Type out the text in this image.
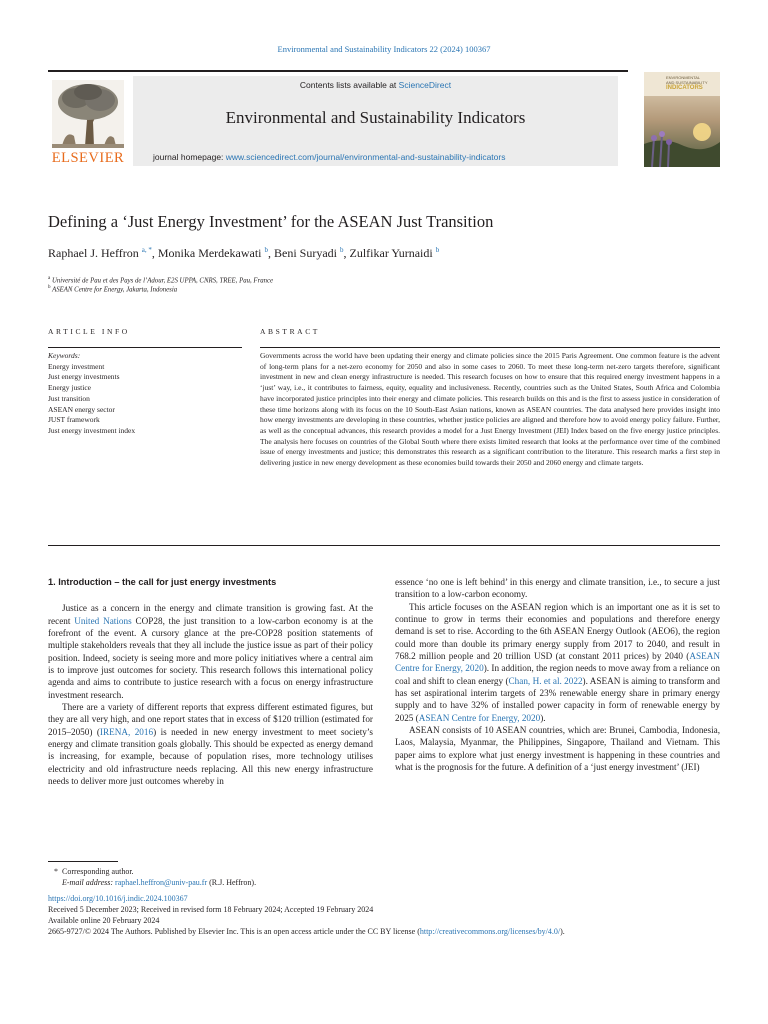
Environmental and Sustainability Indicators 22 (2024) 100367
ELSEVIER
Contents lists available at ScienceDirect
Environmental and Sustainability Indicators
journal homepage: www.sciencedirect.com/journal/environmental-and-sustainability-indicators
ENVIRONMENTAL
AND SUSTAINABILITY
INDICATORS
Defining a ‘Just Energy Investment’ for the ASEAN Just Transition
Raphael J. Heffron $^{a, *}$, Monika Merdekawati $^b$, Beni Suryadi $^b$, Zulfikar Yurnaidi $^b$
$^a$ Université de Pau et des Pays de l’Adour, E2S UPPA, CNRS, TREE, Pau, France
$^b$ ASEAN Centre for Energy, Jakarta, Indonesia
ARTICLE INFO	ABSTRACT
Keywords:
Energy investment
Just energy investments
Energy justice
Just transition
ASEAN energy sector
JUST framework
Just energy investment index
Governments across the world have been updating their energy and climate policies since the 2015 Paris Agreement. One common feature is the advent of long-term plans for a net-zero economy for 2050 and also in some cases to 2060. To meet these long-term net-zero targets therefore, significant investment in new and clean energy infrastructure is needed. This research focuses on how to ensure that this required energy investment happens in a ‘just’ way, i.e., it contributes to fairness, equity, equality and inclusiveness. Recently, countries such as the United States, South Africa and Colombia have incorporated justice principles into their energy and climate policies. This research builds on this and is the first to assess justice in consideration of these time horizons along with its focus on the 10 South-East Asian nations, known as ASEAN countries. The data analysed here provides insight into how energy investments are developing in these countries, whether justice policies are aligned and therefore how to avoid energy policy failure. Further, as well as the conceptual advances, this research provides a model for a Just Energy Investment (JEI) Index based on the five energy justice principles. The analysis here focuses on countries of the Global South where there exists limited research that looks at the performance over time of the combined issue of energy investments and justice; this demonstrates this research as a significant contribution to the literature. This research marks a first step in delivering justice in new energy development as these economies build towards their 2050 and 2060 energy and climate targets.
1. Introduction – the call for just energy investments

Justice as a concern in the energy and climate transition is growing fast. At the recent United Nations COP28, the just transition to a low-carbon economy is at the forefront of the event. A cursory glance at the pre-COP28 position statements of multiple stakeholders reveals that they all include the justice issue as part of their policy position. Indeed, society is seeing more and more policy initiatives where a central aim is to improve just outcomes for society. This research follows this international policy agenda and aims to contribute to justice research with a focus on energy infrastructure investment research.

There are a variety of different reports that express different estimated figures, but they are all very high, and one report states that in excess of $120 trillion (estimated for 2015–2050) (IRENA, 2016) is needed in new energy investment to meet society’s energy and climate transition goals globally. This should be expected as energy demand is increasing, for example, because of population rises, more technology utilises electricity and old infrastructure needs replacing. All this new energy infrastructure needs to deliver more just outcomes whereby in

essence ‘no one is left behind’ in this energy and climate transition, i.e., to secure a just transition to a low-carbon economy.

This article focuses on the ASEAN region which is an important one as it is set to continue to grow in terms their economies and populations and therefore energy demand is set to rise. According to the 6th ASEAN Energy Outlook (AEO6), the region could more than double its primary energy supply from 2017 to 2040, and result in 768.2 million people and 20 trillion USD (at constant 2011 prices) by 2040 (ASEAN Centre for Energy, 2020). In addition, the region needs to move away from a reliance on coal and shift to clean energy (Chan, H. et al. 2022). ASEAN is aiming to transform and has set aspirational interim targets of 23% renewable energy share in primary energy supply and to have 32% of installed power capacity in form of renewable energy by 2025 (ASEAN Centre for Energy, 2020).

ASEAN consists of 10 ASEAN countries, which are: Brunei, Cambodia, Indonesia, Laos, Malaysia, Myanmar, the Philippines, Singapore, Thailand and Vietnam. This paper aims to explore what just energy investment is happening in these countries and what is the prognosis for the future. A definition of a ‘just energy investment’ (JEI)

* Corresponding author.
E-mail address: raphael.heffron@univ-pau.fr (R.J. Heffron).
https://doi.org/10.1016/j.indic.2024.100367
Received 5 December 2023; Received in revised form 18 February 2024; Accepted 19 February 2024
Available online 20 February 2024
2665-9727/© 2024 The Authors. Published by Elsevier Inc. This is an open access article under the CC BY license (http://creativecommons.org/licenses/by/4.0/).
